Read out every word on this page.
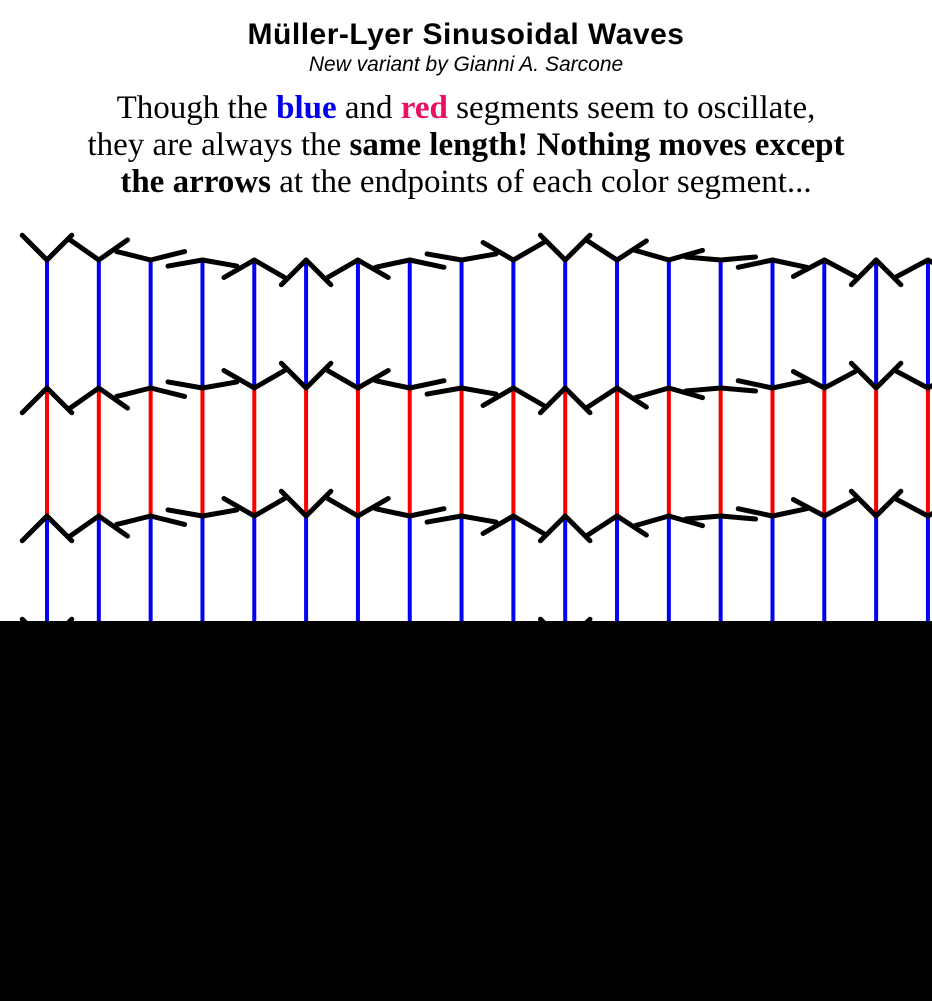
Müller-Lyer Sinusoidal Waves
New variant by Gianni A. Sarcone
Though the blue and red segments seem to oscillate,
they are always the same length! Nothing moves except
the arrows at the endpoints of each color segment...
